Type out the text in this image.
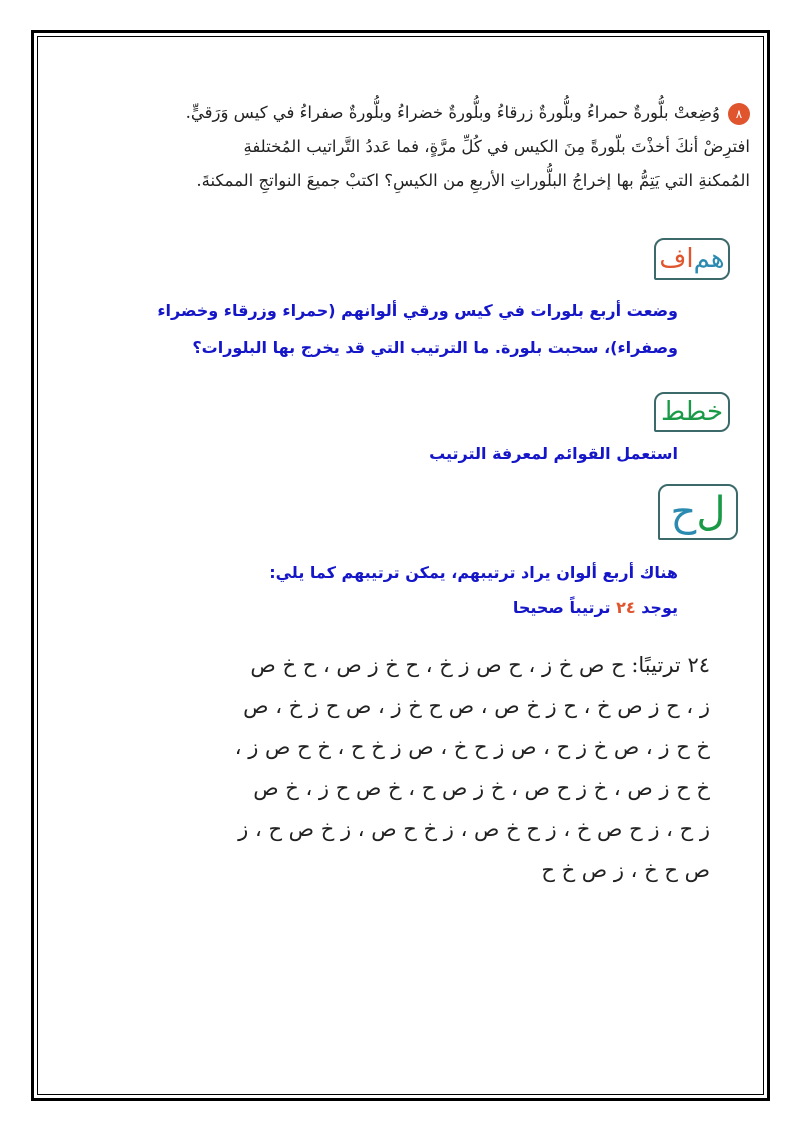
٨وُضِعتْ بلُّورةٌ حمراءُ وبلُّورةٌ زرقاءُ وبلُّورةٌ خضراءُ وبلُّورةٌ صفراءُ في كيس وَرَقيٍّ.
افترِضْ أنكَ أخذْتَ بلّورةً مِنَ الكيس في كُلِّ مرَّةٍ، فما عَددُ التَّراتيب المُختلفةِ
المُمكنةِ التي يَتِمُّ بها إخراجُ البلُّوراتِ الأربعِ من الكيسِ؟ اكتبْ جميعَ النواتجِ الممكنةَ.
افهم
وضعت أربع بلورات في كيس ورقي ألوانهم (حمراء وزرقاء وخضراء
وصفراء)، سحبت بلورة. ما الترتيب التي قد يخرج بها البلورات؟
خطط
استعمل القوائم لمعرفة الترتيب
حل
هناك أربع ألوان يراد ترتيبهم، يمكن ترتيبهم كما يلي:
يوجد ٢٤ ترتيباً صحيحا
٢٤ ترتيبًا: ح ص خ ز ، ح ص ز خ ، ح خ ز ص ، ح خ ص
ز ، ح ز ص خ ، ح ز خ ص ، ص ح خ ز ، ص ح ز خ ، ص
خ ح ز ، ص خ ز ح ، ص ز ح خ ، ص ز خ ح ، خ ح ص ز ،
خ ح ز ص ، خ ز ح ص ، خ ز ص ح ، خ ص ح ز ، خ ص
ز ح ، ز ح ص خ ، ز ح خ ص ، ز خ ح ص ، ز خ ص ح ، ز
ص ح خ ، ز ص خ ح
